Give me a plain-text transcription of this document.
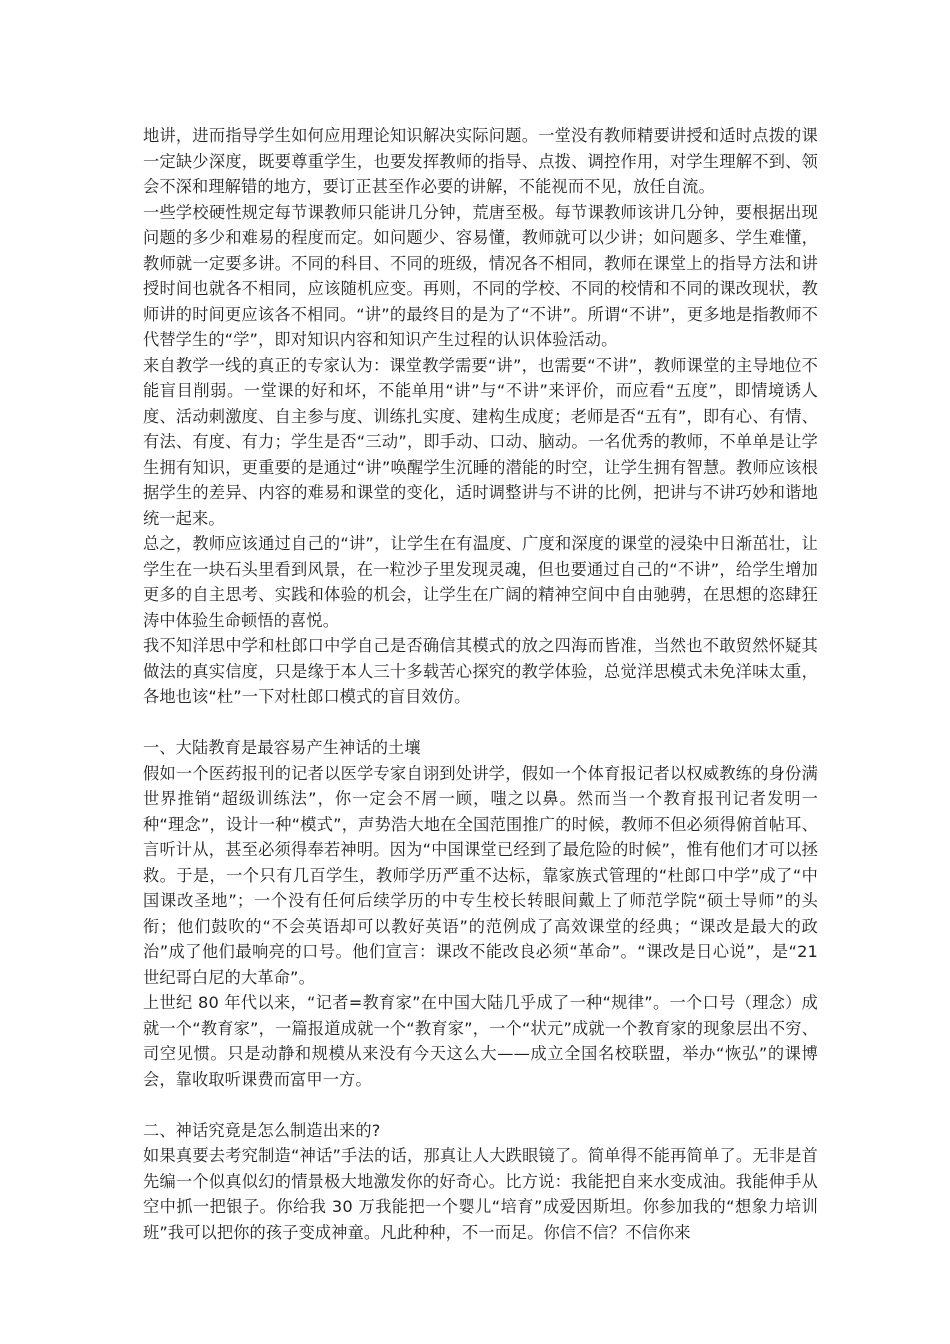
地讲，进而指导学生如何应用理论知识解决实际问题。一堂没有教师精要讲授和适时点拨的课一定缺少深度，既要尊重学生，也要发挥教师的指导、点拨、调控作用，对学生理解不到、领会不深和理解错的地方，要订正甚至作必要的讲解，不能视而不见，放任自流。

一些学校硬性规定每节课教师只能讲几分钟，荒唐至极。每节课教师该讲几分钟，要根据出现问题的多少和难易的程度而定。如问题少、容易懂，教师就可以少讲；如问题多、学生难懂，教师就一定要多讲。不同的科目、不同的班级，情况各不相同，教师在课堂上的指导方法和讲授时间也就各不相同，应该随机应变。再则，不同的学校、不同的校情和不同的课改现状，教师讲的时间更应该各不相同。“讲”的最终目的是为了“不讲”。所谓“不讲”，更多地是指教师不代替学生的“学”，即对知识内容和知识产生过程的认识体验活动。

来自教学一线的真正的专家认为：课堂教学需要“讲”，也需要“不讲”，教师课堂的主导地位不能盲目削弱。一堂课的好和坏，不能单用“讲”与“不讲”来评价，而应看“五度”，即情境诱人度、活动刺激度、自主参与度、训练扎实度、建构生成度；老师是否“五有”，即有心、有情、有法、有度、有力；学生是否“三动”，即手动、口动、脑动。一名优秀的教师，不单单是让学生拥有知识，更重要的是通过“讲”唤醒学生沉睡的潜能的时空，让学生拥有智慧。教师应该根据学生的差异、内容的难易和课堂的变化，适时调整讲与不讲的比例，把讲与不讲巧妙和谐地统一起来。

总之，教师应该通过自己的“讲”，让学生在有温度、广度和深度的课堂的浸染中日渐茁壮，让学生在一块石头里看到风景，在一粒沙子里发现灵魂，但也要通过自己的“不讲”，给学生增加更多的自主思考、实践和体验的机会，让学生在广阔的精神空间中自由驰骋，在思想的恣肆狂涛中体验生命顿悟的喜悦。

我不知洋思中学和杜郎口中学自己是否确信其模式的放之四海而皆准，当然也不敢贸然怀疑其做法的真实信度，只是缘于本人三十多载苦心探究的教学体验，总觉洋思模式未免洋味太重，各地也该“杜”一下对杜郎口模式的盲目效仿。

一、大陆教育是最容易产生神话的土壤

假如一个医药报刊的记者以医学专家自诩到处讲学，假如一个体育报记者以权威教练的身份满世界推销“超级训练法”，你一定会不屑一顾，嗤之以鼻。然而当一个教育报刊记者发明一种“理念”，设计一种“模式”，声势浩大地在全国范围推广的时候，教师不但必须得俯首帖耳、言听计从，甚至必须得奉若神明。因为“中国课堂已经到了最危险的时候”，惟有他们才可以拯救。于是，一个只有几百学生，教师学历严重不达标，靠家族式管理的“杜郎口中学”成了“中国课改圣地”；一个没有任何后续学历的中专生校长转眼间戴上了师范学院“硕士导师”的头衔；他们鼓吹的“不会英语却可以教好英语”的范例成了高效课堂的经典；“课改是最大的政治”成了他们最响亮的口号。他们宣言：课改不能改良必须“革命”。“课改是日心说”，是“21 世纪哥白尼的大革命”。

上世纪 80 年代以来，“记者=教育家”在中国大陆几乎成了一种“规律”。一个口号（理念）成就一个“教育家”，一篇报道成就一个“教育家”，一个“状元”成就一个教育家的现象层出不穷、司空见惯。只是动静和规模从来没有今天这么大——成立全国名校联盟，举办“恢弘”的课博会，靠收取听课费而富甲一方。

二、神话究竟是怎么制造出来的?

如果真要去考究制造“神话”手法的话，那真让人大跌眼镜了。简单得不能再简单了。无非是首先编一个似真似幻的情景极大地激发你的好奇心。比方说：我能把自来水变成油。我能伸手从空中抓一把银子。你给我 30 万我能把一个婴儿“培育”成爱因斯坦。你参加我的“想象力培训班”我可以把你的孩子变成神童。凡此种种，不一而足。你信不信？不信你来
